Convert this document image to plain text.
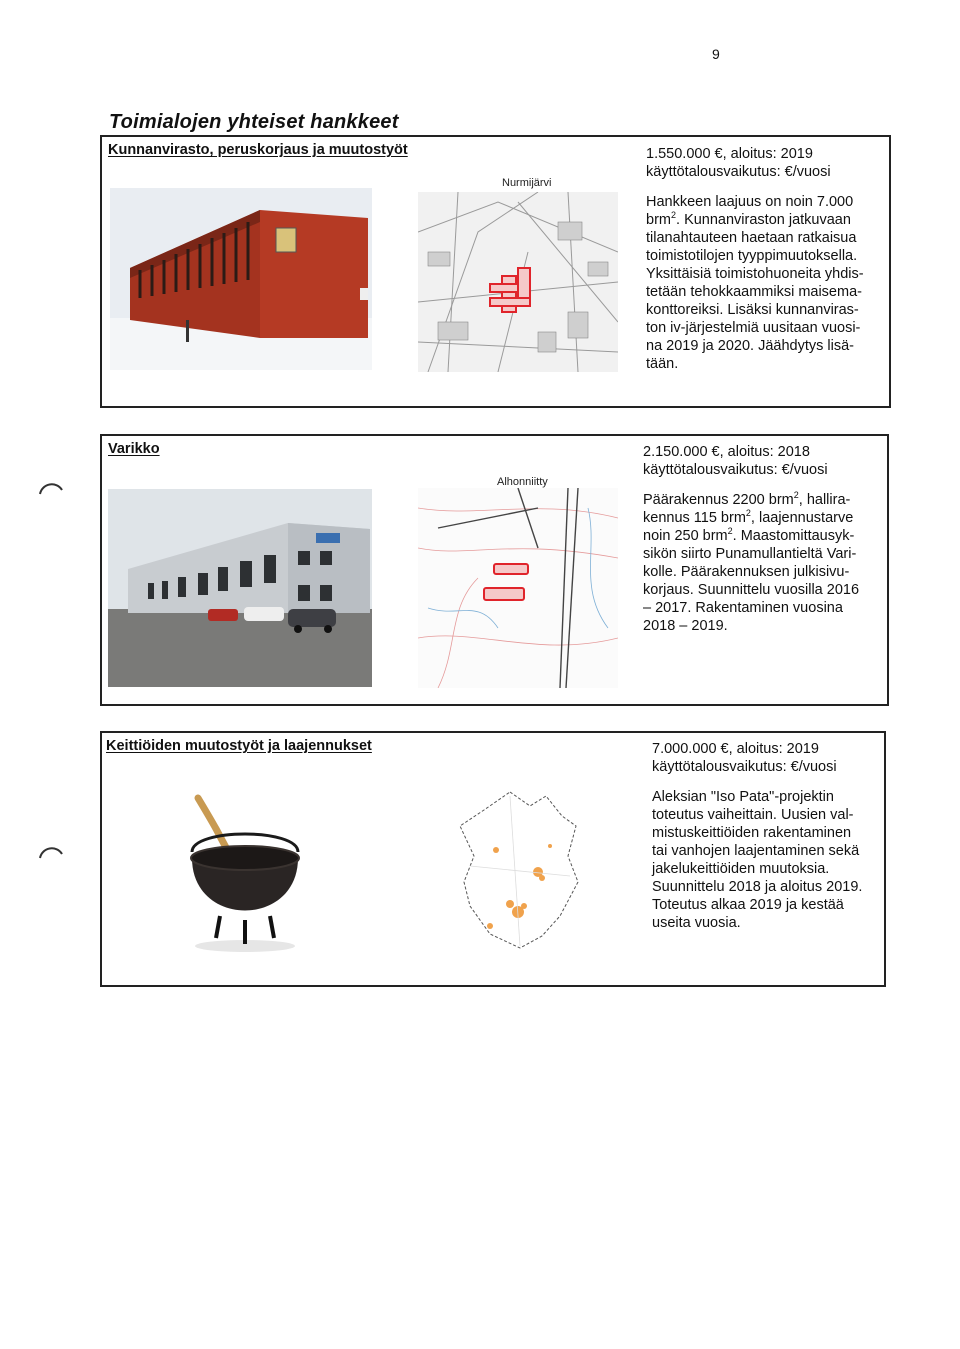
9
Toimialojen yhteiset hankkeet
Kunnanvirasto, peruskorjaus ja muutostyöt
Nurmijärvi

1.550.000 €, aloitus: 2019

käyttötalousvaikutus: €/vuosi

Hankkeen laajuus on noin 7.000

brm$^2$. Kunnanviraston jatkuvaan

tilanahtauteen haetaan ratkaisua

toimistotilojen tyyppimuutoksella.

Yksittäisiä toimistohuoneita yhdis-

tetään tehokkaammiksi maisema-

konttoreiksi. Lisäksi kunnanviras-

ton iv-järjestelmiä uusitaan vuosi-

na 2019 ja 2020. Jäähdytys lisä-

tään.

Varikko
Alhonniitty

2.150.000 €, aloitus: 2018

käyttötalousvaikutus: €/vuosi

Päärakennus 2200 brm$^2$, hallira-

kennus 115 brm$^2$, laajennustarve

noin 250 brm$^2$. Maastomittausyk-

sikön siirto Punamullantieltä Vari-

kolle. Päärakennuksen julkisivu-

korjaus. Suunnittelu vuosilla 2016

– 2017. Rakentaminen vuosina

2018 – 2019.

Keittiöiden muutostyöt ja laajennukset	7.000.000 €, aloitus: 2019

käyttötalousvaikutus: €/vuosi

Aleksian "Iso Pata"-projektin

toteutus vaiheittain. Uusien val-

mistuskeittiöiden rakentaminen

tai vanhojen laajentaminen sekä

jakelukeittiöiden muutoksia.

Suunnittelu 2018 ja aloitus 2019.

Toteutus alkaa 2019 ja kestää

useita vuosia.
